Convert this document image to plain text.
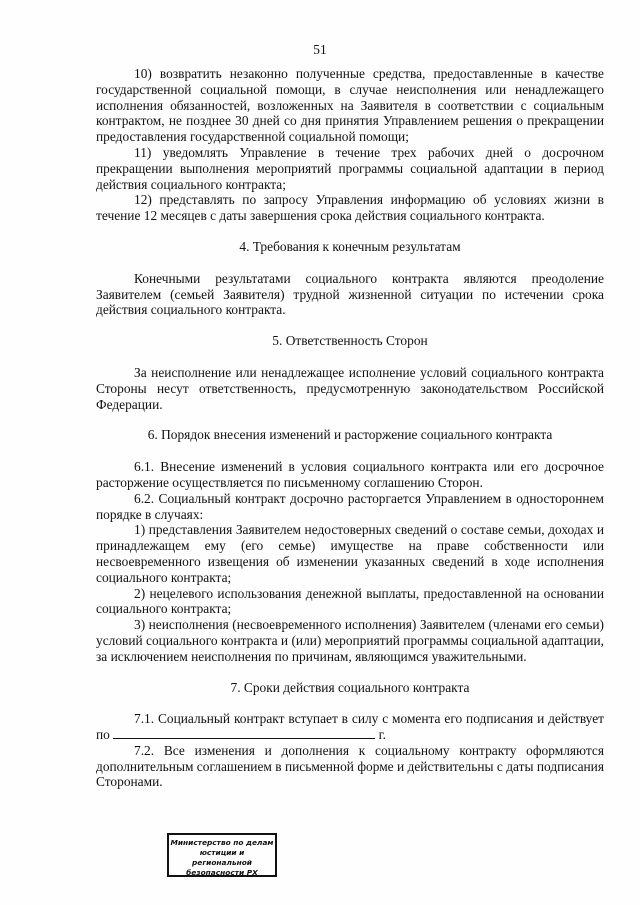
51

10) возвратить незаконно полученные средства, предоставленные в качестве государственной социальной помощи, в случае неисполнения или ненадлежащего исполнения обязанностей, возложенных на Заявителя в соответствии с социальным контрактом, не позднее 30 дней со дня принятия Управлением решения о прекращении предоставления государственной социальной помощи;

11) уведомлять Управление в течение трех рабочих дней о досрочном прекращении выполнения мероприятий программы социальной адаптации в период действия социального контракта;

12) представлять по запросу Управления информацию об условиях жизни в течение 12 месяцев с даты завершения срока действия социального контракта.

4. Требования к конечным результатам

Конечными результатами социального контракта являются преодоление Заявителем (семьей Заявителя) трудной жизненной ситуации по истечении срока действия социального контракта.

5. Ответственность Сторон

За неисполнение или ненадлежащее исполнение условий социального контракта Стороны несут ответственность, предусмотренную законодательством Российской Федерации.

6. Порядок внесения изменений и расторжение социального контракта

6.1. Внесение изменений в условия социального контракта или его досрочное расторжение осуществляется по письменному соглашению Сторон.

6.2. Социальный контракт досрочно расторгается Управлением в одностороннем порядке в случаях:

1) представления Заявителем недостоверных сведений о составе семьи, доходах и принадлежащем ему (его семье) имуществе на праве собственности или несвоевременного извещения об изменении указанных сведений в ходе исполнения социального контракта;

2) нецелевого использования денежной выплаты, предоставленной на основании социального контракта;

3) неисполнения (несвоевременного исполнения) Заявителем (членами его семьи) условий социального контракта и (или) мероприятий программы социальной адаптации, за исключением неисполнения по причинам, являющимся уважительными.

7. Сроки действия социального контракта

7.1. Социальный контракт вступает в силу с момента его подписания и действует по	г.

7.2. Все изменения и дополнения к социальному контракту оформляются дополнительным соглашением в письменной форме и действительны с даты подписания Сторонами.

Министерство по делам
юстиции и региональной
безопасности РХ
